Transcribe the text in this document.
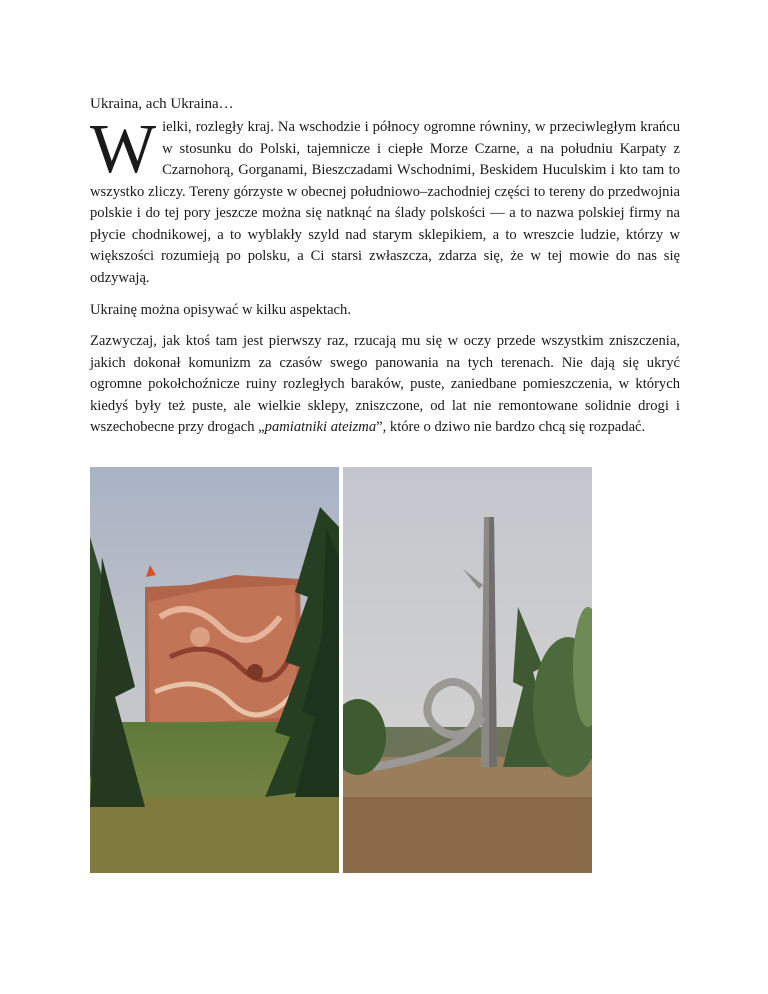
Ukraina, ach Ukraina…

Wielki, rozległy kraj. Na wschodzie i północy ogromne równiny, w przeciwległym krańcu w stosunku do Polski, tajemnicze i ciepłe Morze Czarne, a na południu Karpaty z Czarnohorą, Gorganami, Bieszczadami Wschodnimi, Beskidem Huculskim i kto tam to wszystko zliczy. Tereny górzyste w obecnej południowo–zachodniej części to tereny do przedwojnia polskie i do tej pory jeszcze można się natknąć na ślady polskości — a to nazwa polskiej firmy na płycie chodnikowej, a to wyblakły szyld nad starym sklepikiem, a to wreszcie ludzie, którzy w większości rozumieją po polsku, a Ci starsi zwłaszcza, zdarza się, że w tej mowie do nas się odzywają.

Ukrainę można opisywać w kilku aspektach.

Zazwyczaj, jak ktoś tam jest pierwszy raz, rzucają mu się w oczy przede wszystkim zniszczenia, jakich dokonał komunizm za czasów swego panowania na tych terenach. Nie dają się ukryć ogromne pokołchoźnicze ruiny rozległych baraków, puste, zaniedbane pomieszczenia, w których kiedyś były też puste, ale wielkie sklepy, zniszczone, od lat nie remontowane solidnie drogi i wszechobecne przy drogach „pamiatniki ateizma”, które o dziwo nie bardzo chcą się rozpadać.
